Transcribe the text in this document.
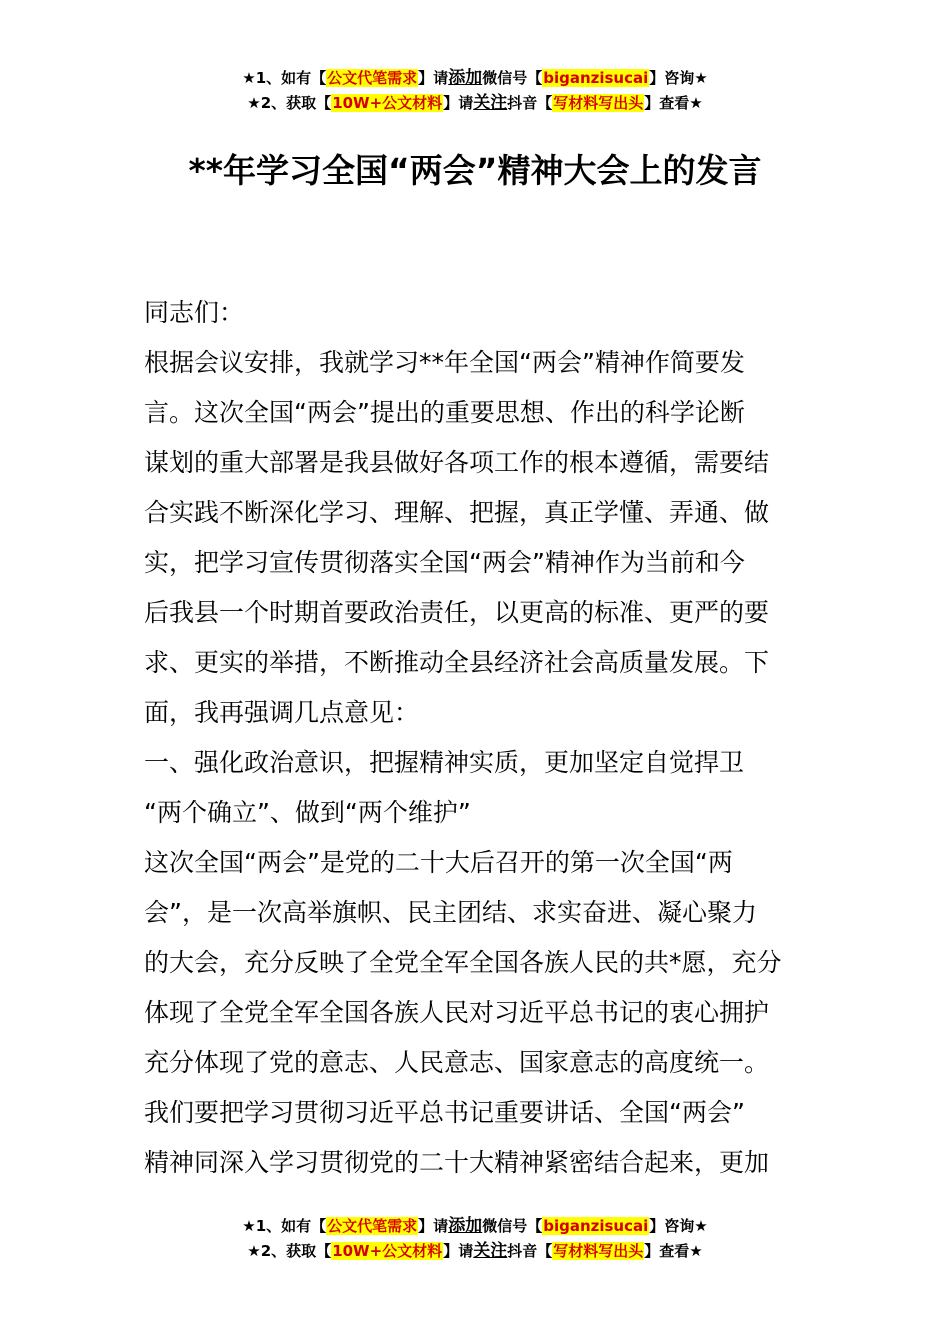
★1、如有【公文代笔需求】请添加微信号【biganzisucai】咨询★
★2、获取【10W+公文材料】请关注抖音【写材料写出头】查看★
**年学习全国“两会”精神大会上的发言
同志们：
根据会议安排，我就学习**年全国“两会”精神作简要发
言。这次全国“两会”提出的重要思想、作出的科学论断
谋划的重大部署是我县做好各项工作的根本遵循，需要结
合实践不断深化学习、理解、把握，真正学懂、弄通、做
实，把学习宣传贯彻落实全国“两会”精神作为当前和今
后我县一个时期首要政治责任，以更高的标准、更严的要
求、更实的举措，不断推动全县经济社会高质量发展。下
面，我再强调几点意见：
一、强化政治意识，把握精神实质，更加坚定自觉捍卫
“两个确立”、做到“两个维护”
这次全国“两会”是党的二十大后召开的第一次全国“两
会”，是一次高举旗帜、民主团结、求实奋进、凝心聚力
的大会，充分反映了全党全军全国各族人民的共*愿，充分
体现了全党全军全国各族人民对习近平总书记的衷心拥护
充分体现了党的意志、人民意志、国家意志的高度统一。
我们要把学习贯彻习近平总书记重要讲话、全国“两会”
精神同深入学习贯彻党的二十大精神紧密结合起来，更加
★1、如有【公文代笔需求】请添加微信号【biganzisucai】咨询★
★2、获取【10W+公文材料】请关注抖音【写材料写出头】查看★
